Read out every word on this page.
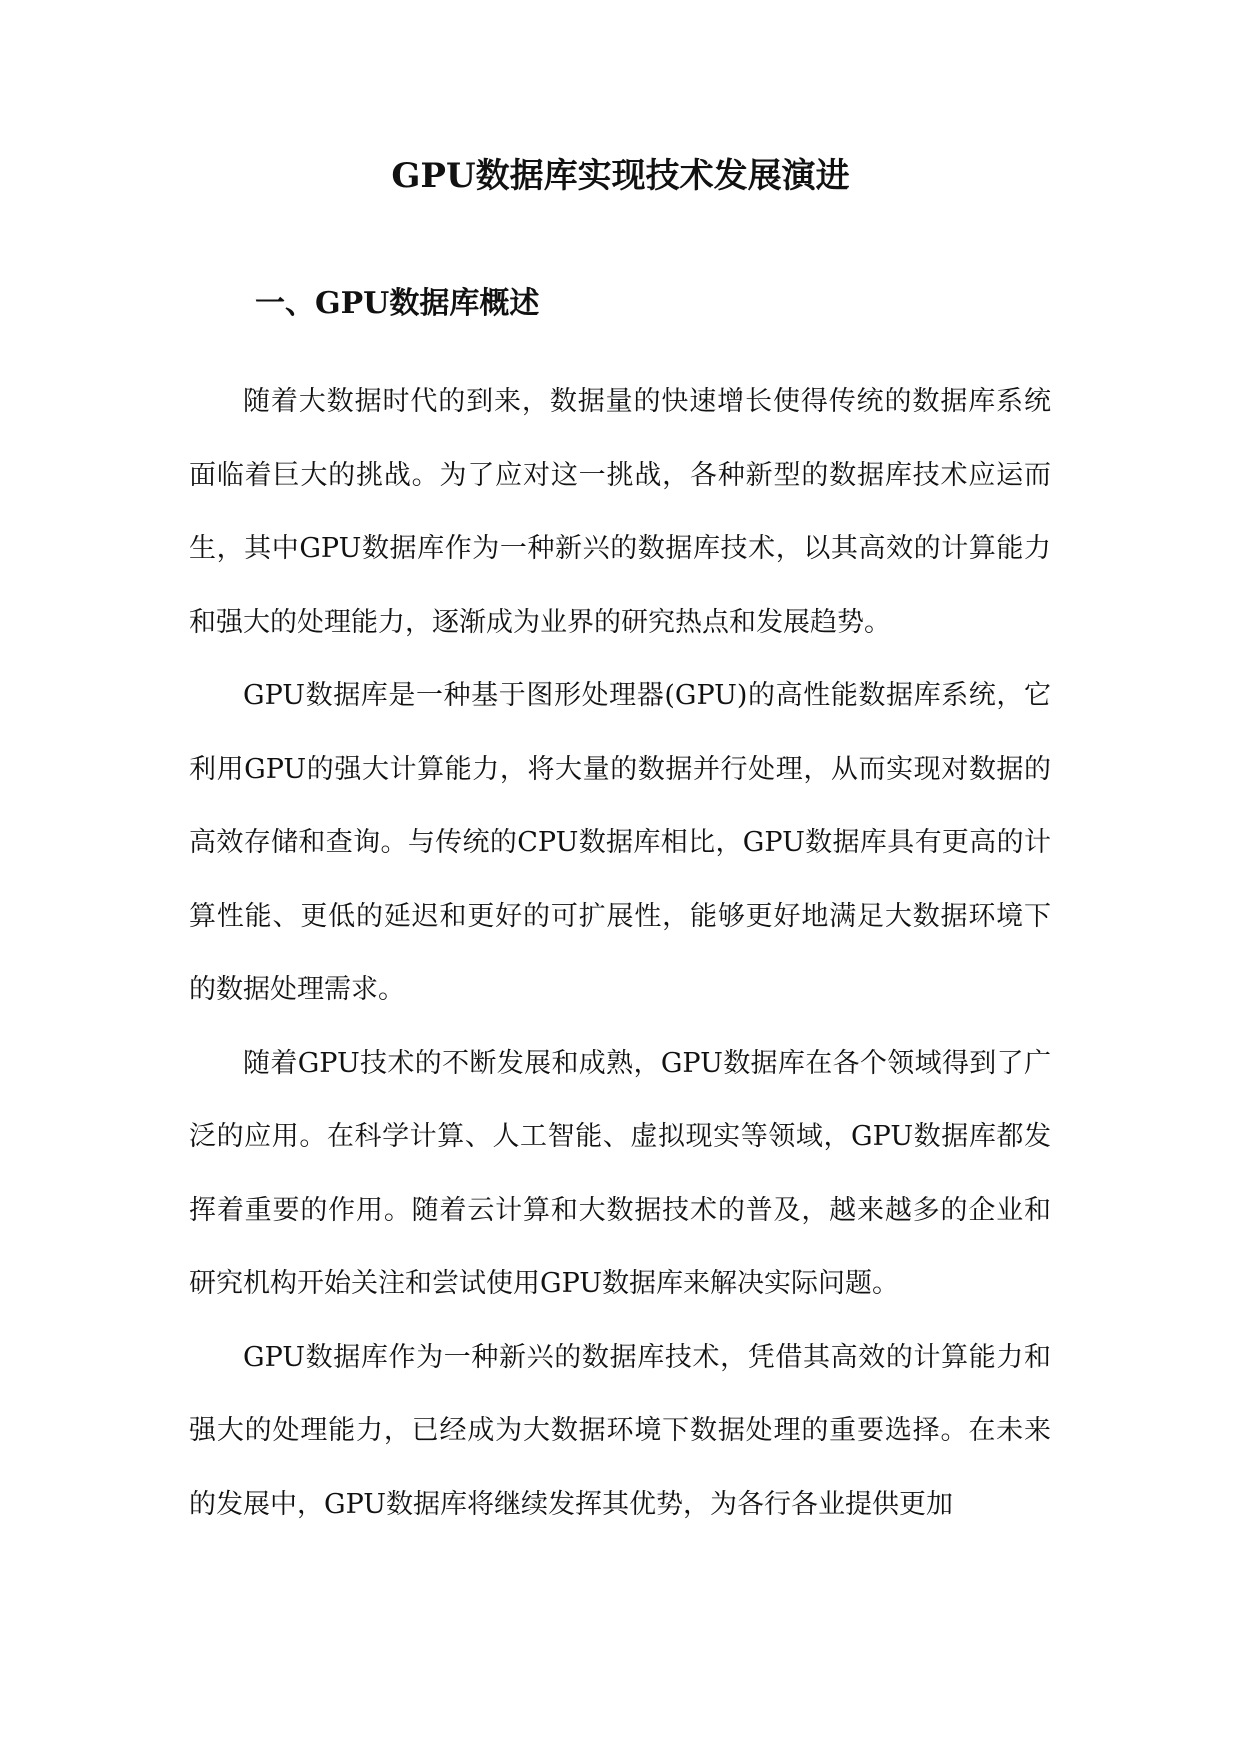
GPU数据库实现技术发展演进
一、GPU数据库概述

随着大数据时代的到来，数据量的快速增长使得传统的数据库系统面临着巨大的挑战。为了应对这一挑战，各种新型的数据库技术应运而生，其中GPU数据库作为一种新兴的数据库技术，以其高效的计算能力和强大的处理能力，逐渐成为业界的研究热点和发展趋势。

GPU数据库是一种基于图形处理器(GPU)的高性能数据库系统，它利用GPU的强大计算能力，将大量的数据并行处理，从而实现对数据的高效存储和查询。与传统的CPU数据库相比，GPU数据库具有更高的计算性能、更低的延迟和更好的可扩展性，能够更好地满足大数据环境下的数据处理需求。

随着GPU技术的不断发展和成熟，GPU数据库在各个领域得到了广泛的应用。在科学计算、人工智能、虚拟现实等领域，GPU数据库都发挥着重要的作用。随着云计算和大数据技术的普及，越来越多的企业和研究机构开始关注和尝试使用GPU数据库来解决实际问题。

GPU数据库作为一种新兴的数据库技术，凭借其高效的计算能力和强大的处理能力，已经成为大数据环境下数据处理的重要选择。在未来的发展中，GPU数据库将继续发挥其优势，为各行各业提供更加
